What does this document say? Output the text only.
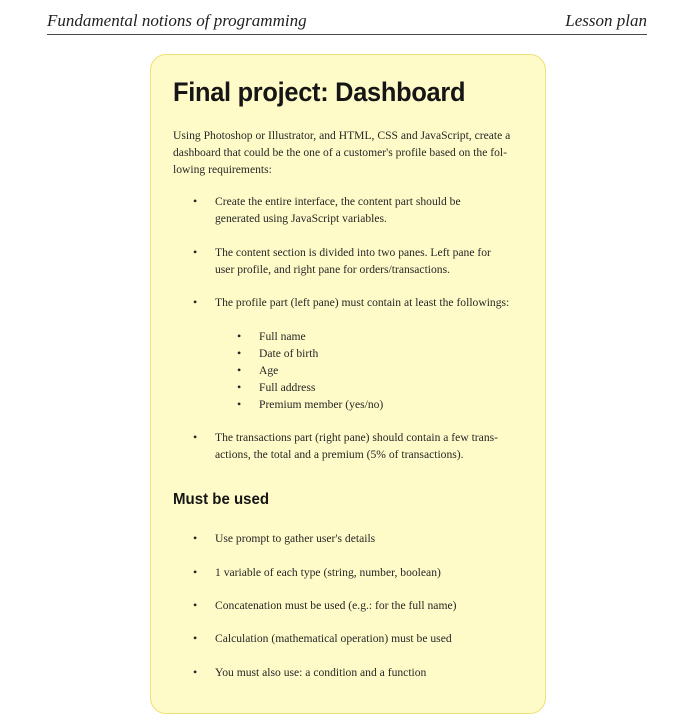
Fundamental notions of programming	Lesson plan
Final project: Dashboard

Using Photoshop or Illustrator, and HTML, CSS and JavaScript, create a
dashboard that could be the one of a customer's profile based on the fol-
lowing requirements:

• Create the entire interface, the content part should be
generated using JavaScript variables.
• The content section is divided into two panes. Left pane for
user profile, and right pane for orders/transactions.
• The profile part (left pane) must contain at least the followings:
• Full name
• Date of birth
• Age
• Full address
• Premium member (yes/no)
• The transactions part (right pane) should contain a few trans-
actions, the total and a premium (5% of transactions).
Must be used
• Use prompt to gather user's details
• 1 variable of each type (string, number, boolean)
• Concatenation must be used (e.g.: for the full name)
• Calculation (mathematical operation) must be used
• You must also use: a condition and a function
